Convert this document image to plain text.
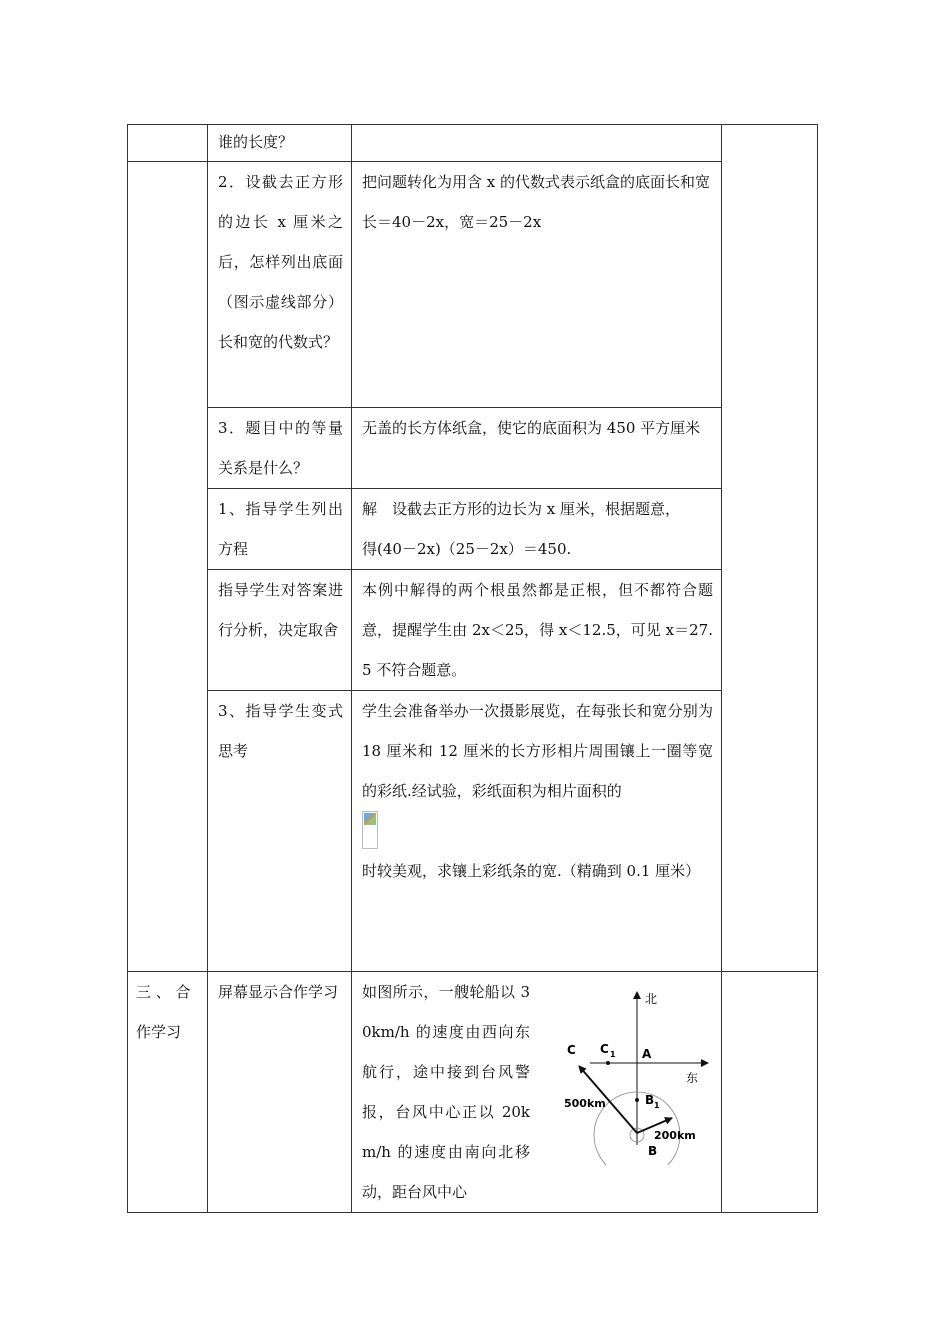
	谁的长度？		

	2．设截去正方形的边长 x 厘米之后，怎样列出底面（图示虚线部分）长和宽的代数式？	把问题转化为用含 x 的代数式表示纸盒的底面长和宽
长＝40－2x，宽＝25－2x	

	3．题目中的等量关系是什么？	无盖的长方体纸盒，使它的底面积为 450 平方厘米	

	1、指导学生列出方程	解　设截去正方形的边长为 x 厘米，根据题意，
得(40－2x)（25－2x）＝450.	

	指导学生对答案进行分析，决定取舍	本例中解得的两个根虽然都是正根，但不都符合题意，提醒学生由 2x＜25，得 x＜12.5，可见 x＝27.5 不符合题意。	

	3、指导学生变式思考	学生会准备举办一次摄影展览，在每张长和宽分别为 18 厘米和 12 厘米的长方形相片周围镶上一圈等宽的彩纸.经试验，彩纸面积为相片面积的

时较美观，求镶上彩纸条的宽.（精确到 0.1 厘米）	

三 、 合
作学习	屏幕显示合作学习	如图所示，一艘轮船以 30km/h 的速度由西向东航行，途中接到台风警报，台风中心正以 20km/h 的速度由南向北移动，距台风中心	

北
东
C C 1 A
B 1
B
500km
200km
